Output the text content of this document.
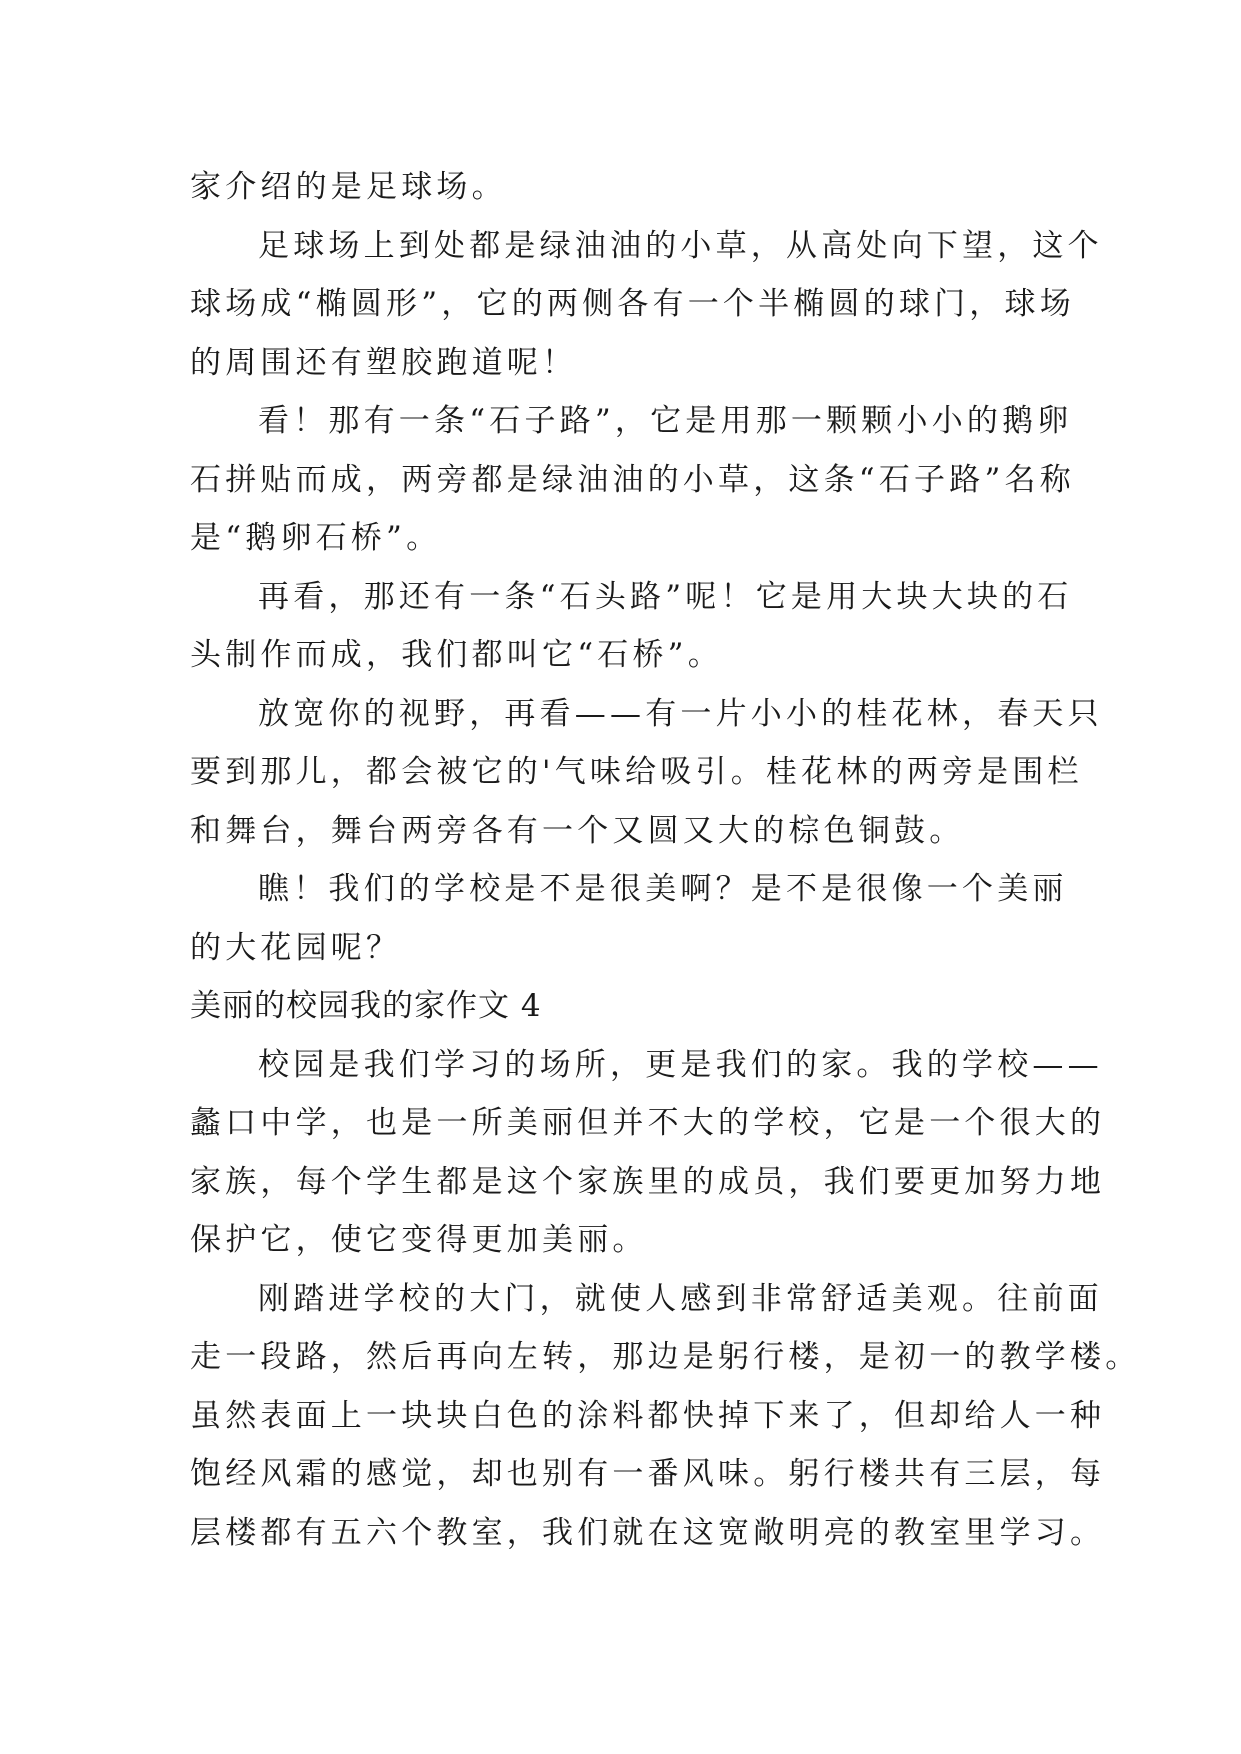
家介绍的是足球场。
足球场上到处都是绿油油的小草，从高处向下望，这个
球场成“椭圆形”，它的两侧各有一个半椭圆的球门，球场
的周围还有塑胶跑道呢！
看！那有一条“石子路”，它是用那一颗颗小小的鹅卵
石拼贴而成，两旁都是绿油油的小草，这条“石子路”名称
是“鹅卵石桥”。
再看，那还有一条“石头路”呢！它是用大块大块的石
头制作而成，我们都叫它“石桥”。
放宽你的视野，再看——有一片小小的桂花林，春天只
要到那儿，都会被它的'气味给吸引。桂花林的两旁是围栏
和舞台，舞台两旁各有一个又圆又大的棕色铜鼓。
瞧！我们的学校是不是很美啊？是不是很像一个美丽
的大花园呢？
美丽的校园我的家作文 4
校园是我们学习的场所，更是我们的家。我的学校——
蠡口中学，也是一所美丽但并不大的学校，它是一个很大的
家族，每个学生都是这个家族里的成员，我们要更加努力地
保护它，使它变得更加美丽。
刚踏进学校的大门，就使人感到非常舒适美观。往前面
走一段路，然后再向左转，那边是躬行楼，是初一的教学楼。
虽然表面上一块块白色的涂料都快掉下来了，但却给人一种
饱经风霜的感觉，却也别有一番风味。躬行楼共有三层，每
层楼都有五六个教室，我们就在这宽敞明亮的教室里学习。
